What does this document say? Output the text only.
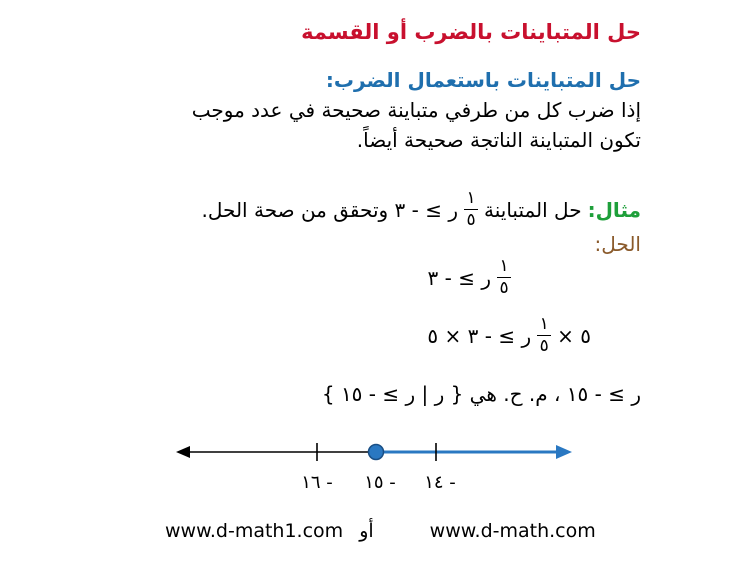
حل المتباينات بالضرب أو القسمة
حل المتباينات باستعمال الضرب:
إذا ضرب كل من طرفي متباينة صحيحة في عدد موجب
تكون المتباينة الناتجة صحيحة أيضاً.
مثال:
حل المتباينة
$\frac{١}{٥}$
ر ≥ - ٣ وتحقق من صحة الحل.
الحل:
$\frac{١}{٥}$
ر ≥ - ٣
٥ ×
$\frac{١}{٥}$
ر ≥ - ٣ × ٥
ر ≥ - ١٥ ، م. ح. هي { ر | ر ≥ - ١٥ }
- ١٦ - ١٥ - ١٤
www.d-math1.com أو	www.d-math.com
